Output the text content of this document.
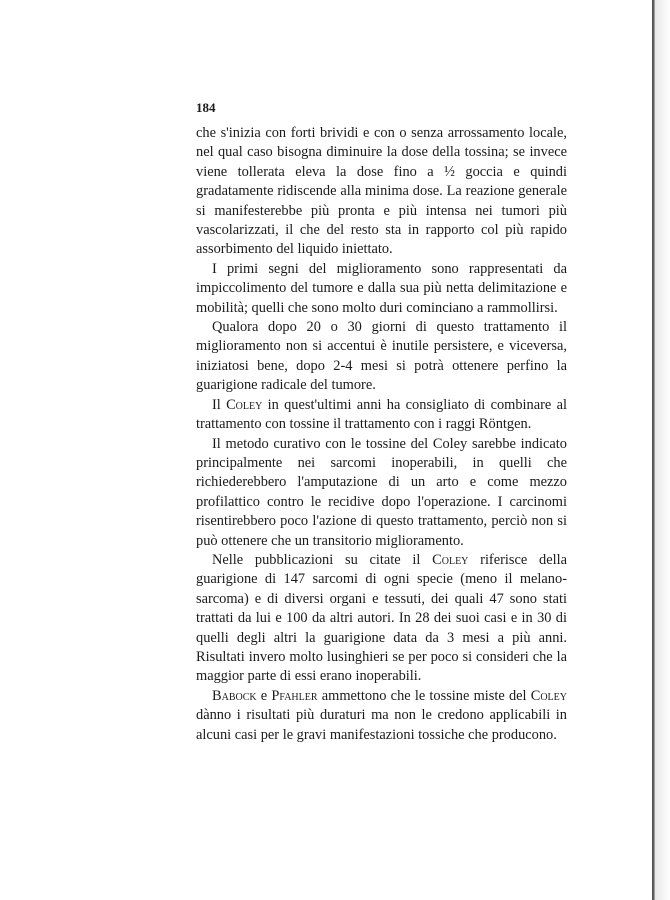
184

che s'inizia con forti brividi e con o senza arrossamento locale, nel qual caso bisogna diminuire la dose della tossina; se invece viene tollerata eleva la dose fino a ½ goccia e quindi gradatamente ridiscende alla minima dose. La reazione generale si manifesterebbe più pronta e più intensa nei tumori più vascolarizzati, il che del resto sta in rapporto col più rapido assorbimento del liquido iniettato.

I primi segni del miglioramento sono rappresentati da impiccolimento del tumore e dalla sua più netta delimitazione e mobilità; quelli che sono molto duri cominciano a rammollirsi.

Qualora dopo 20 o 30 giorni di questo trattamento il miglioramento non si accentui è inutile persistere, e viceversa, iniziatosi bene, dopo 2-4 mesi si potrà ottenere perfino la guarigione radicale del tumore.

Il Coley in quest'ultimi anni ha consigliato di combinare al trattamento con tossine il trattamento con i raggi Röntgen.

Il metodo curativo con le tossine del Coley sarebbe indicato principalmente nei sarcomi inoperabili, in quelli che richiederebbero l'amputazione di un arto e come mezzo profilattico contro le recidive dopo l'operazione. I carcinomi risentirebbero poco l'azione di questo trattamento, perciò non si può ottenere che un transitorio miglioramento.

Nelle pubblicazioni su citate il Coley riferisce della guarigione di 147 sarcomi di ogni specie (meno il melano-sarcoma) e di diversi organi e tessuti, dei quali 47 sono stati trattati da lui e 100 da altri autori. In 28 dei suoi casi e in 30 di quelli degli altri la guarigione data da 3 mesi a più anni. Risultati invero molto lusinghieri se per poco si consideri che la maggior parte di essi erano inoperabili.

Babock e Pfahler ammettono che le tossine miste del Coley dànno i risultati più duraturi ma non le credono applicabili in alcuni casi per le gravi manifestazioni tossiche che producono.
